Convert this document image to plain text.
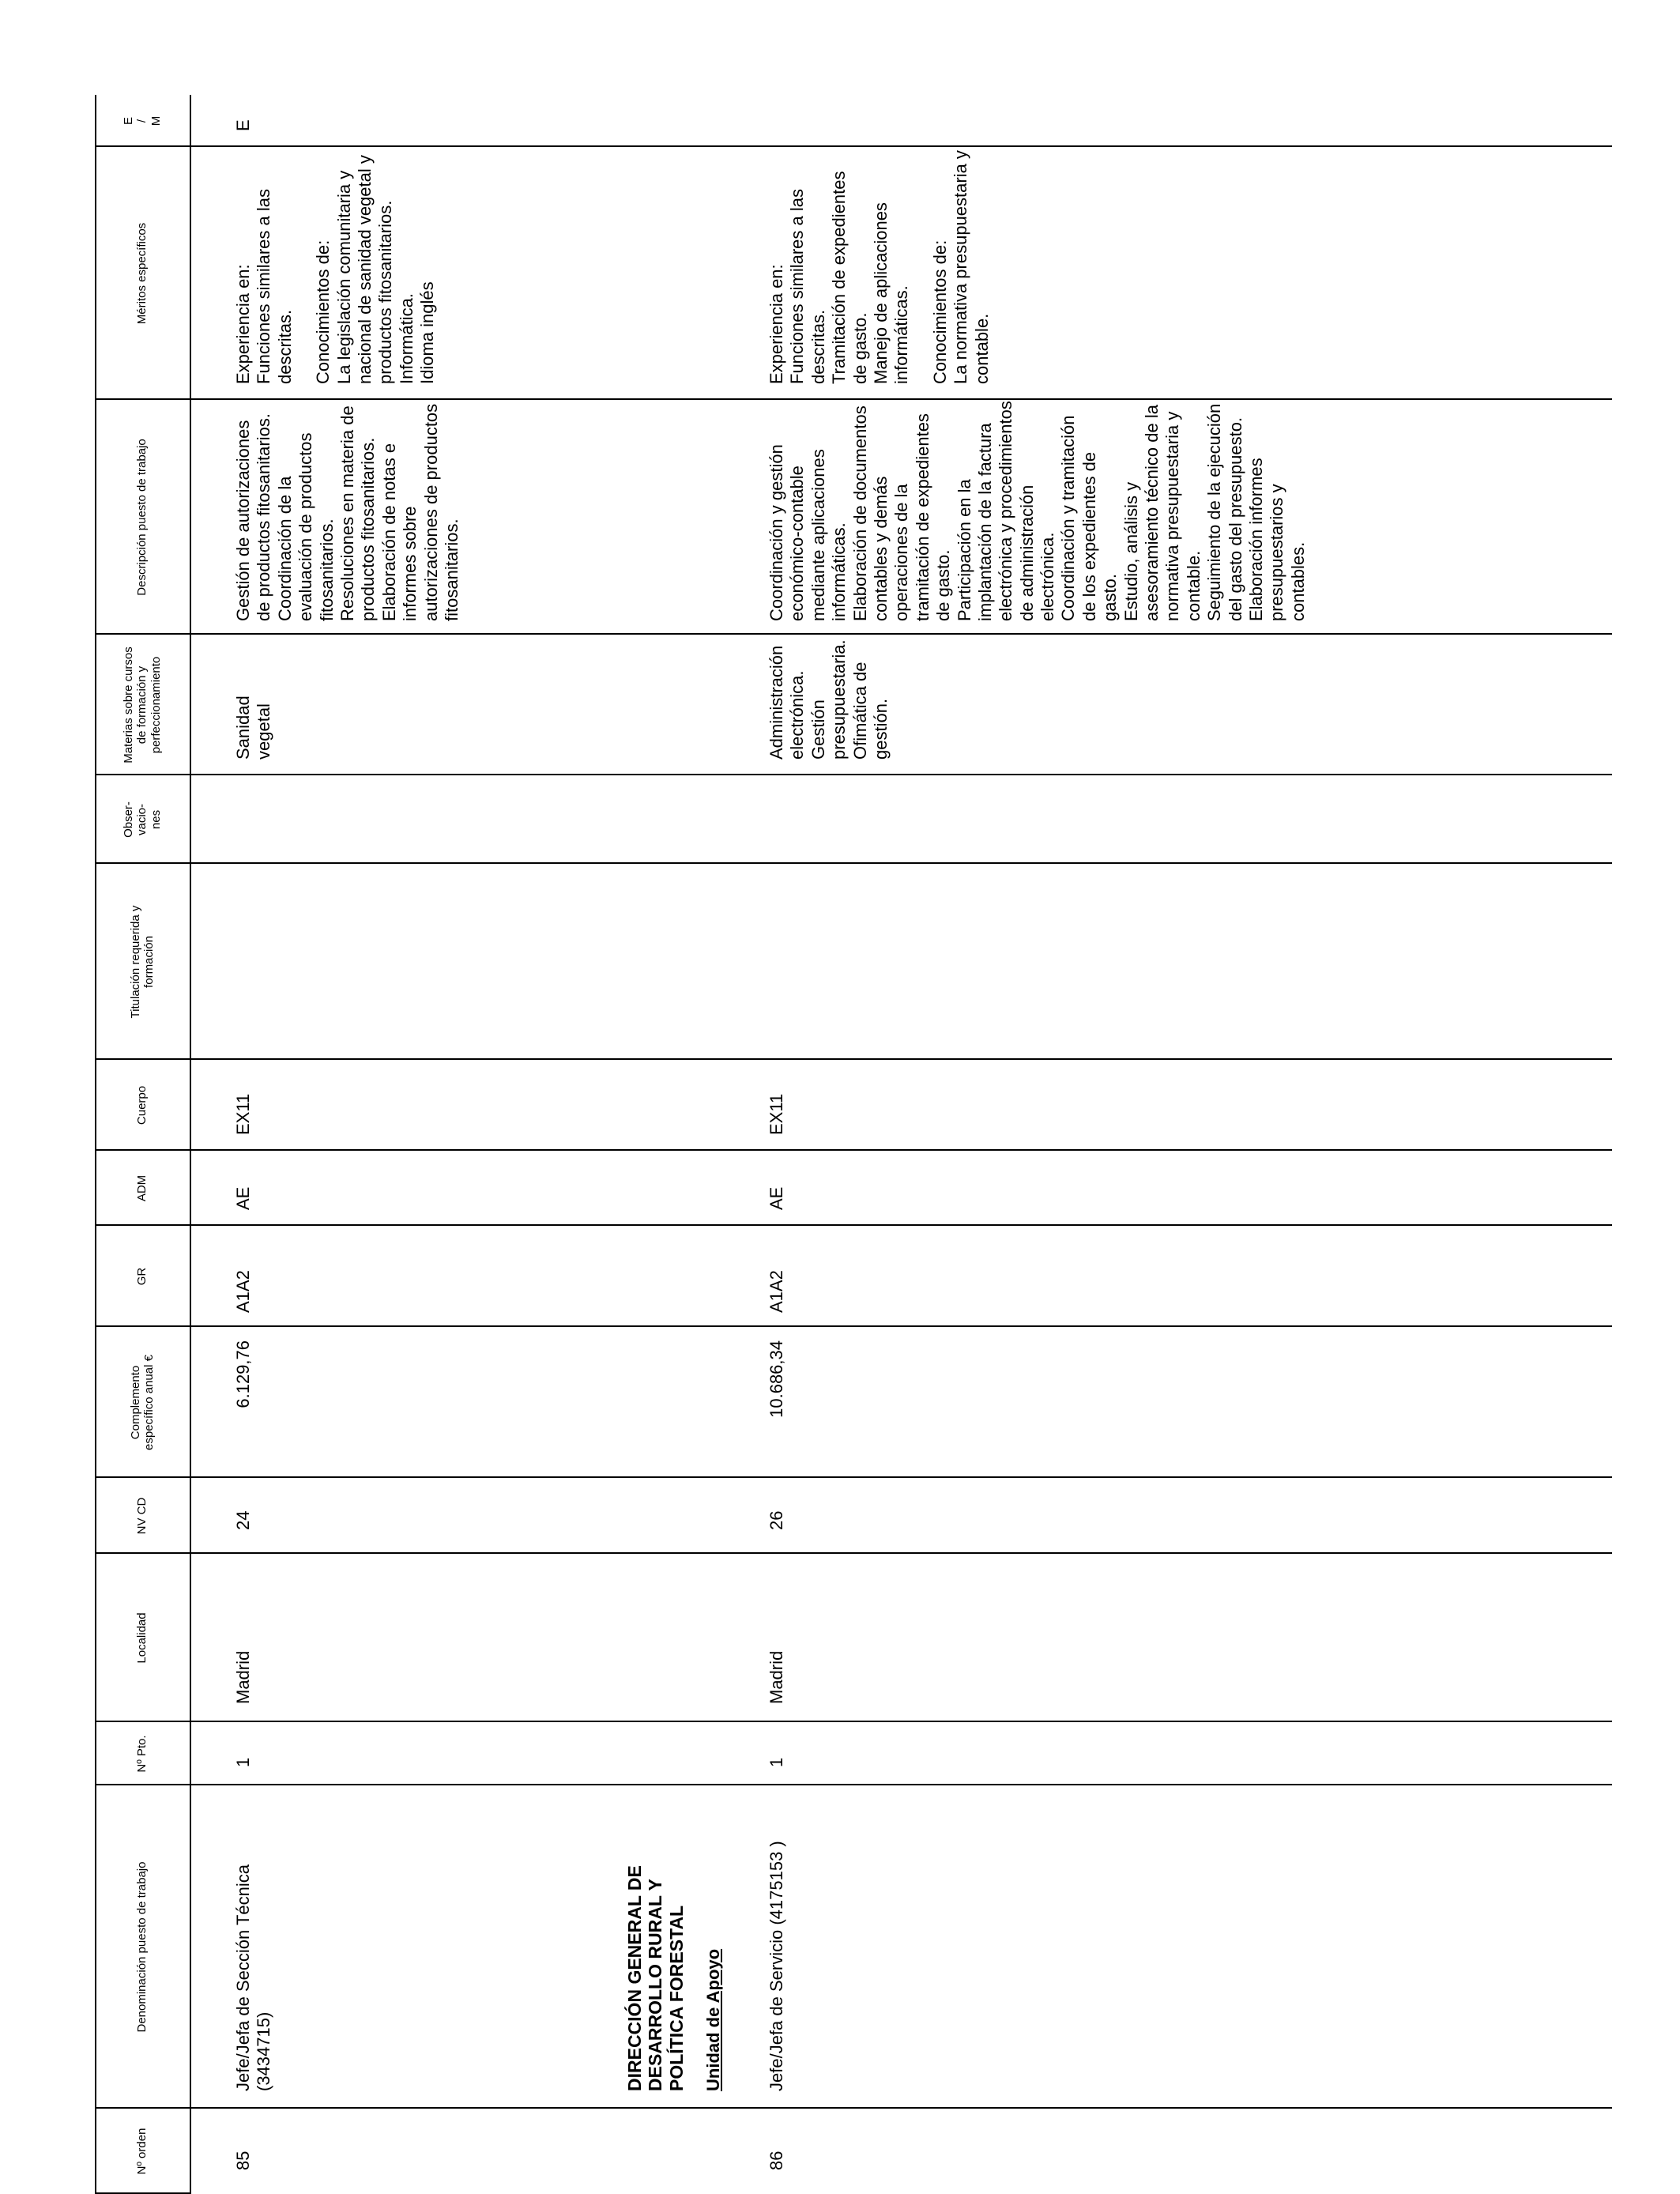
Nº orden
Denominación puesto de trabajo
Nº Pto.
Localidad
NV CD
Complemento específico anual €
GR
ADM
Cuerpo
Titulación requerida y formación
Obser-vacio-nes
Materias sobre cursos de formación y perfeccionamiento
Descripción puesto de trabajo
Méritos específicos
E / M
85
Jefe/Jefa de Sección Técnica (3434715)
1
Madrid
24
6.129,76
A1A2
AE
EX11
Sanidad vegetal
Gestión de autorizaciones de productos fitosanitarios. Coordinación de la evaluación de productos fitosanitarios. Resoluciones en materia de productos fitosanitarios. Elaboración de notas e informes sobre autorizaciones de productos fitosanitarios.
Experiencia en: Funciones similares a las descritas. Conocimientos de: La legislación comunitaria y nacional de sanidad vegetal y productos fitosanitarios. Informática. Idioma inglés
E
DIRECCIÓN GENERAL DE DESARROLLO RURAL Y POLÍTICA FORESTAL Unidad de Apoyo
86
Jefe/Jefa de Servicio (4175153 )
1
Madrid
26
10.686,34
A1A2
AE
EX11
Administración electrónica. Gestión presupuestaria. Ofimática de gestión.
Coordinación y gestión económico-contable mediante aplicaciones informáticas. Elaboración de documentos contables y demás operaciones de la tramitación de expedientes de gasto. Participación en la implantación de la factura electrónica y procedimientos de administración electrónica. Coordinación y tramitación de los expedientes de gasto. Estudio, análisis y asesoramiento técnico de la normativa presupuestaria y contable. Seguimiento de la ejecución del gasto del presupuesto. Elaboración informes presupuestarios y contables.
Experiencia en: Funciones similares a las descritas. Tramitación de expedientes de gasto. Manejo de aplicaciones informáticas. Conocimientos de: La normativa presupuestaria y contable.
